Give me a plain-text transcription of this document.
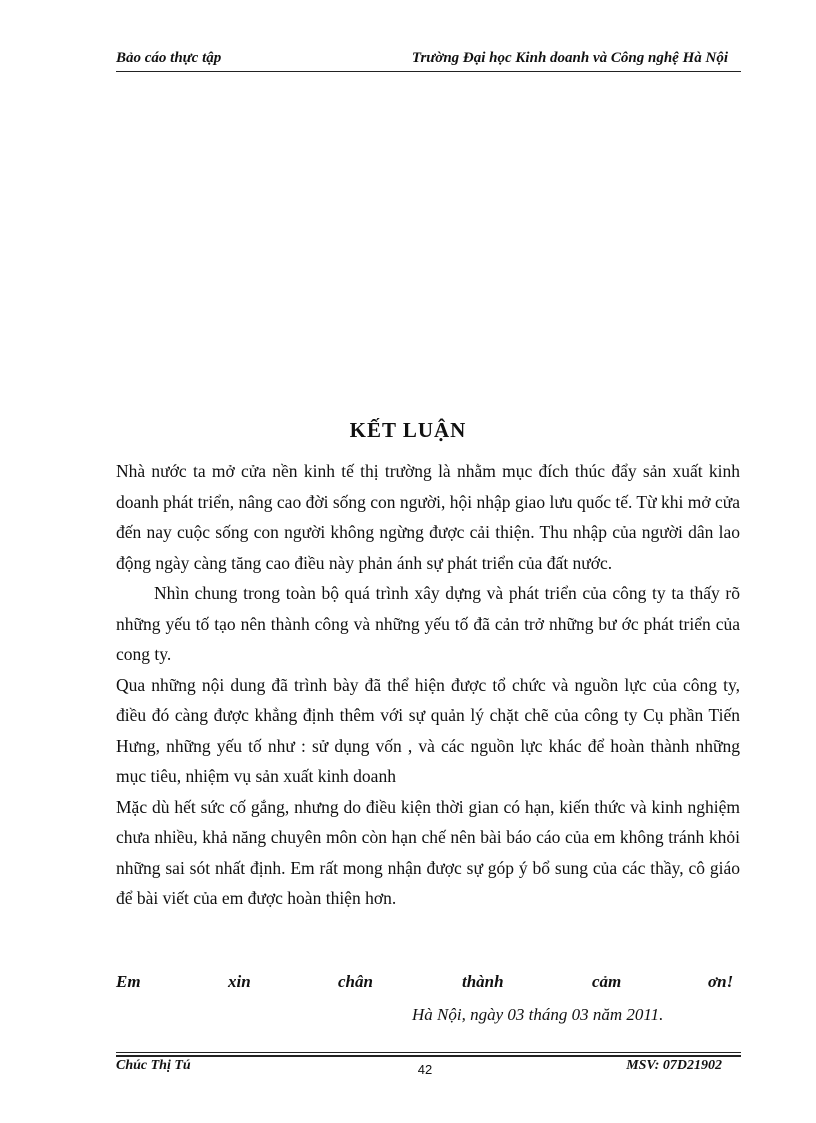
Bảo cáo thực tập	Trường Đại học Kinh doanh và Công nghệ Hà Nội
KẾT LUẬN

Nhà nước ta mở cửa nền kinh tế thị trường là nhằm mục đích thúc đẩy sản xuất kinh doanh phát triển, nâng cao đời sống con người, hội nhập giao lưu quốc tế. Từ khi mở cửa đến nay cuộc sống con người không ngừng được cải thiện. Thu nhập của người dân lao động ngày càng tăng cao điều này phản ánh sự phát triển của đất nước.

Nhìn chung trong toàn bộ quá trình xây dựng và phát triển của công ty ta thấy rõ những yếu tố tạo nên thành công và những yếu tố đã cản trở những bư ớc phát triển của cong ty.

Qua những nội dung đã trình bày đã thể hiện được tổ chức và nguồn lực của công ty, điều đó càng được khẳng định thêm với sự quản lý chặt chẽ của công ty Cụ phần Tiến Hưng, những yếu tố như : sử dụng vốn , và các nguồn lực khác để hoàn thành những mục tiêu, nhiệm vụ sản xuất kinh doanh

Mặc dù hết sức cố gắng, nhưng do điều kiện thời gian có hạn, kiến thức và kinh nghiệm chưa nhiều, khả năng chuyên môn còn hạn chế nên bài báo cáo của em không tránh khỏi những sai sót nhất định. Em rất mong nhận được sự góp ý bổ sung của các thầy, cô giáo để bài viết của em được hoàn thiện hơn.

Em	xin	chân	thành	cảm	ơn!
Hà Nội, ngày 03 tháng 03 năm 2011.
Chúc Thị Tú	42	MSV: 07D21902
